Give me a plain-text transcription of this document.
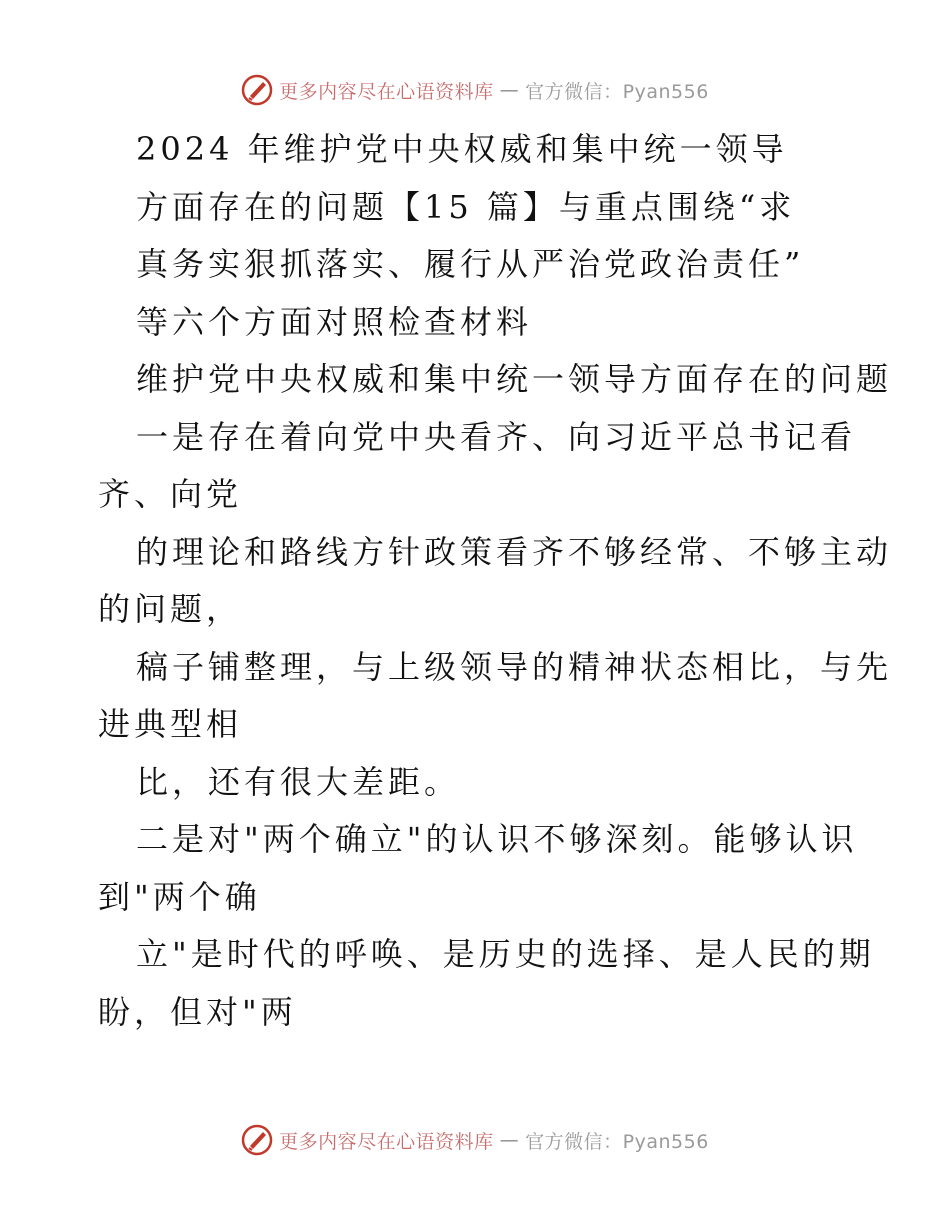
更多内容尽在心语资料库 — 官方微信：Pyan556
2024 年维护党中央权威和集中统一领导
方面存在的问题【15 篇】与重点围绕“求
真务实狠抓落实、履行从严治党政治责任”
等六个方面对照检查材料
维护党中央权威和集中统一领导方面存在的问题
一是存在着向党中央看齐、向习近平总书记看
齐、向党
的理论和路线方针政策看齐不够经常、不够主动
的问题，
稿子铺整理，与上级领导的精神状态相比，与先
进典型相
比，还有很大差距。
二是对"两个确立"的认识不够深刻。能够认识
到"两个确
立"是时代的呼唤、是历史的选择、是人民的期
盼，但对"两
更多内容尽在心语资料库 — 官方微信：Pyan556
